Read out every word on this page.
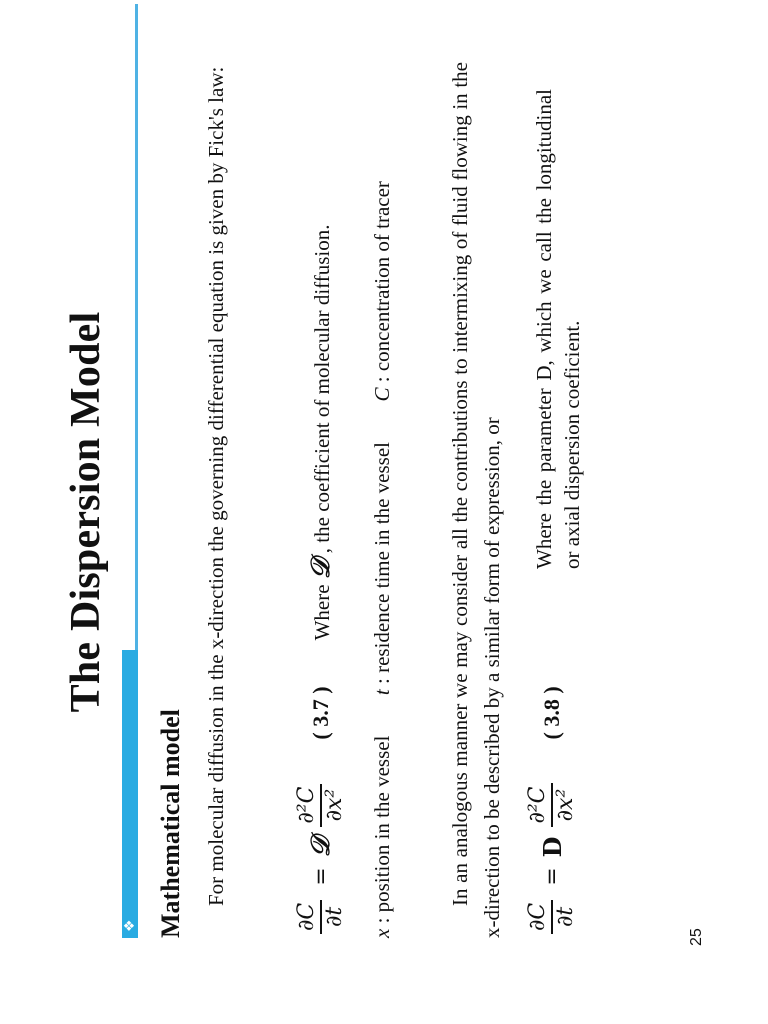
The Dispersion Model
❖ Mathematical model For molecular diffusion in the x-direction the governing differential equation is given by Fick's law:

∂C ∂t
=
𝒟
∂²C ∂x²
( 3.7 )
Where 𝒟 , the coefficient of molecular diffusion.
x : position in the vessel  t : residence time in the vessel  C : concentration of tracer	In an analogous manner we may consider all the contributions to intermixing of fluid flowing in the x-direction to be described by a similar form of expression, or ∂C ∂t
=
D
∂²C ∂x²
( 3.8 )
Where the parameter D, which we call the longitudinal or axial dispersion coeficient.
25
